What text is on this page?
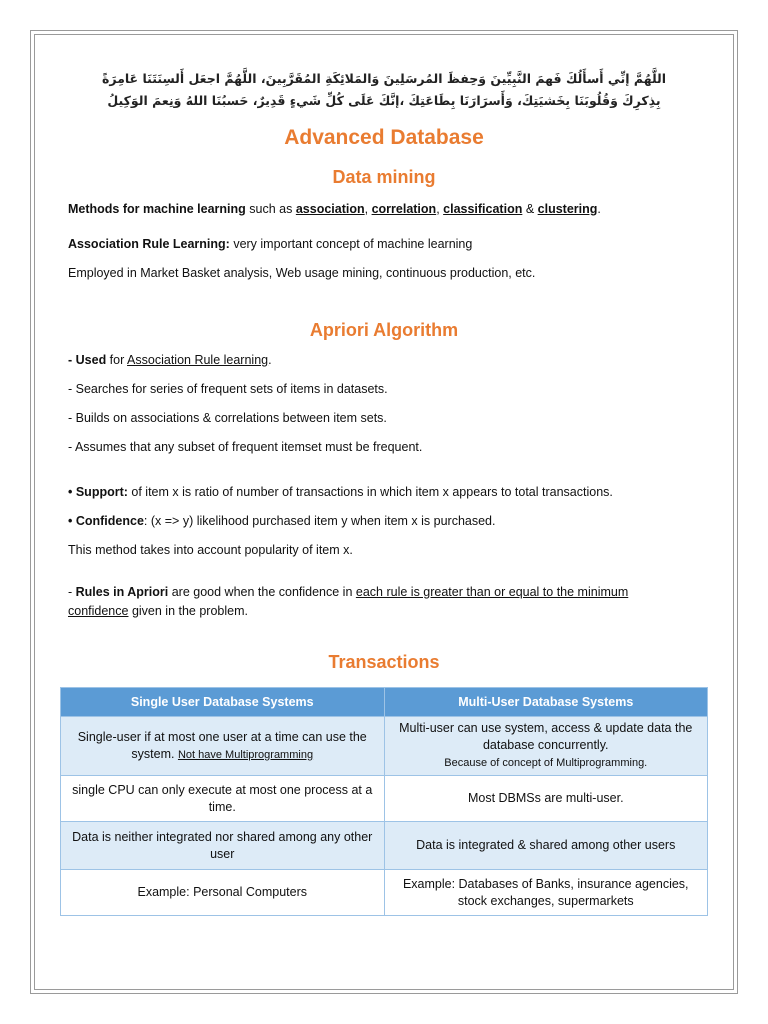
اللَّهُمَّ إنِّي أَسأَلُكَ فَهمَ النَّبِيِّينَ وَحِفظَ المُرسَلِينَ وَالمَلائِكَةِ المُقَرَّبِينَ، اللَّهُمَّ اجعَل أَلسِنَتَنَا عَامِرَةً بِذِكرِكَ وَقُلُوبَنَا بِخَشيَتِكَ، وَأَسرَارَنَا بِطَاعَتِكَ ،إنَّكَ عَلَى كُلِّ شَيءٍ قَدِيرٌ، حَسبُنَا اللهُ وَنِعمَ الوَكِيلُ
Advanced Database
Data mining

Methods for machine learning such as association, correlation, classification & clustering.

Association Rule Learning: very important concept of machine learning

Employed in Market Basket analysis, Web usage mining, continuous production, etc.

Apriori Algorithm

- Used for Association Rule learning.

- Searches for series of frequent sets of items in datasets.

- Builds on associations & correlations between item sets.

- Assumes that any subset of frequent itemset must be frequent.

• Support: of item x is ratio of number of transactions in which item x appears to total transactions.

• Confidence: (x => y) likelihood purchased item y when item x is purchased.

This method takes into account popularity of item x.

- Rules in Apriori are good when the confidence in each rule is greater than or equal to the minimum confidence given in the problem.

Transactions
Single User Database Systems	Multi-User Database Systems
Single-user if at most one user at a time can use the system. Not have Multiprogramming	Multi-user can use system, access & update data the database concurrently.
Because of concept of Multiprogramming.
single CPU can only execute at most one process at a time.	Most DBMSs are multi-user.
Data is neither integrated nor shared among any other user	Data is integrated & shared among other users
Example: Personal Computers	Example: Databases of Banks, insurance agencies, stock exchanges, supermarkets
